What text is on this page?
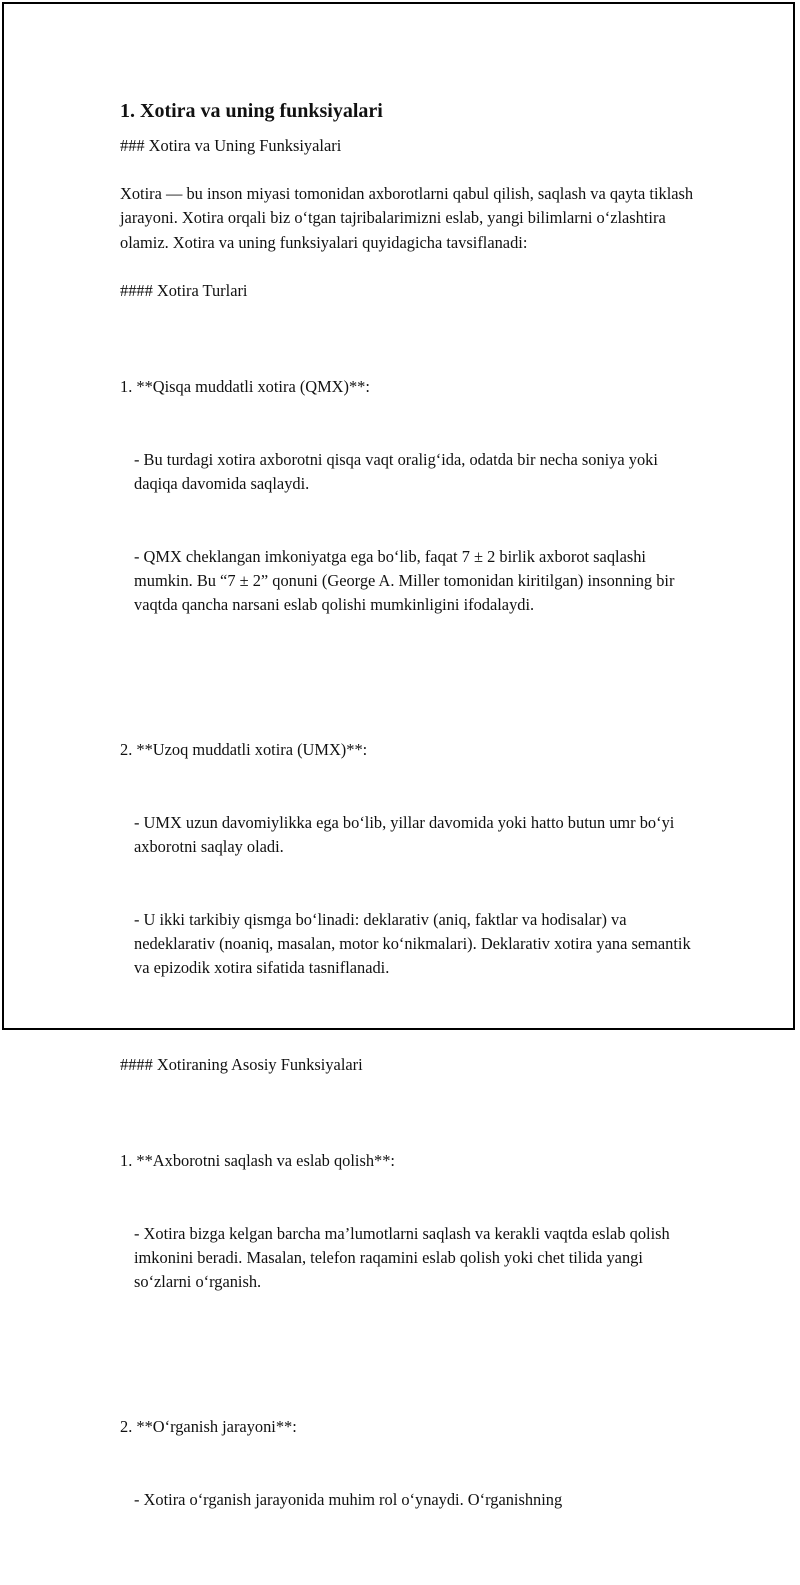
1. Xotira va uning funksiyalari
### Xotira va Uning Funksiyalari
Xotira — bu inson miyasi tomonidan axborotlarni qabul qilish, saqlash va qayta tiklash jarayoni. Xotira orqali biz o‘tgan tajribalarimizni eslab, yangi bilimlarni o‘zlashtira olamiz. Xotira va uning funksiyalari quyidagicha tavsiflanadi:
#### Xotira Turlari

1. **Qisqa muddatli xotira (QMX)**:

- Bu turdagi xotira axborotni qisqa vaqt oralig‘ida, odatda bir necha soniya yoki daqiqa davomida saqlaydi.

- QMX cheklangan imkoniyatga ega bo‘lib, faqat 7 ± 2 birlik axborot saqlashi mumkin. Bu “7 ± 2” qonuni (George A. Miller tomonidan kiritilgan) insonning bir vaqtda qancha narsani eslab qolishi mumkinligini ifodalaydi.

2. **Uzoq muddatli xotira (UMX)**:

- UMX uzun davomiylikka ega bo‘lib, yillar davomida yoki hatto butun umr bo‘yi axborotni saqlay oladi.

- U ikki tarkibiy qismga bo‘linadi: deklarativ (aniq, faktlar va hodisalar) va nedeklarativ (noaniq, masalan, motor ko‘nikmalari). Deklarativ xotira yana semantik va epizodik xotira sifatida tasniflanadi.

#### Xotiraning Asosiy Funksiyalari

1. **Axborotni saqlash va eslab qolish**:

- Xotira bizga kelgan barcha ma’lumotlarni saqlash va kerakli vaqtda eslab qolish imkonini beradi. Masalan, telefon raqamini eslab qolish yoki chet tilida yangi so‘zlarni o‘rganish.

2. **O‘rganish jarayoni**:

- Xotira o‘rganish jarayonida muhim rol o‘ynaydi. O‘rganishning
